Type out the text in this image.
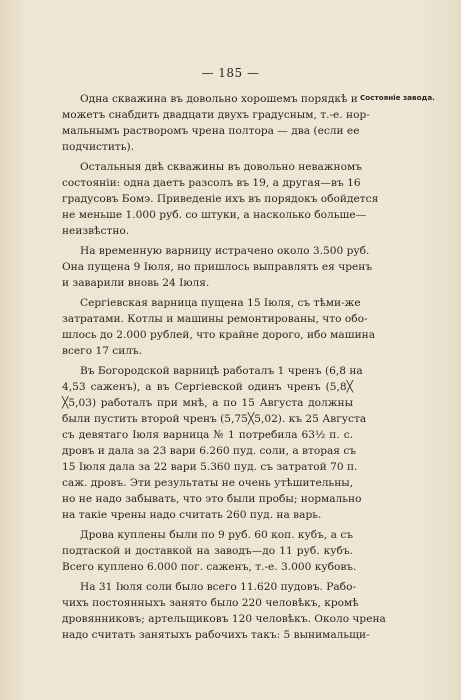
— 185 —
Состоянie завода.
Одна скважина въ довольно хорошемъ порядкѣ и
можетъ снабдить двадцати двухъ градусным, т.-е. нор-
мальнымъ растворомъ чрена полтора — два (если ее
подчистить).
Остальныя двѣ скважины въ довольно неважномъ
состоянiи: одна даетъ разсолъ въ 19, а другая—въ 16
градусовъ Бомэ. Приведенiе ихъ въ порядокъ обойдется
не меньше 1.000 руб. со штуки, а насколько больше—
неизвѣстно.
На временную варницу истрачено около 3.500 руб.
Она пущена 9 Iюля, но пришлось выправлять ея чренъ
и заварили вновь 24 Iюля.
Сергiевская варница пущена 15 Iюля, съ тѣми-же
затратами. Котлы и машины ремонтированы, что обо-
шлось до 2.000 рублей, что крайне дорого, ибо машина
всего 17 силъ.
Въ Богородской варницѣ работалъ 1 чренъ (6,8 на
4,53 саженъ), а въ Сергiевской одинъ чренъ (5,8╳
╳5,03) работалъ при мнѣ, а по 15 Августа должны
были пустить второй чренъ (5,75╳5,02). къ 25 Августа
съ девятаго Iюля варница № 1 потребила 63½ п. с.
дровъ и дала за 23 вари 6.260 пуд. соли, а вторая съ
15 Iюля дала за 22 вари 5.360 пуд. съ затратой 70 п.
саж. дровъ. Эти результаты не очень утѣшительны,
но не надо забывать, что это были пробы; нормально
на такiе чрены надо считать 260 пуд. на варь.
Дрова куплены были по 9 руб. 60 коп. кубъ, а съ
подтаской и доставкой на заводъ—до 11 руб. кубъ.
Всего куплено 6.000 пог. саженъ, т.-е. 3.000 кубовъ.
На 31 Iюля соли было всего 11.620 пудовъ. Рабо-
чихъ постоянныхъ занято было 220 человѣкъ, кромѣ
дровянниковъ; артельщиковъ 120 человѣкъ. Около чрена
надо считать занятыхъ рабочихъ такъ: 5 вынимальщи-
